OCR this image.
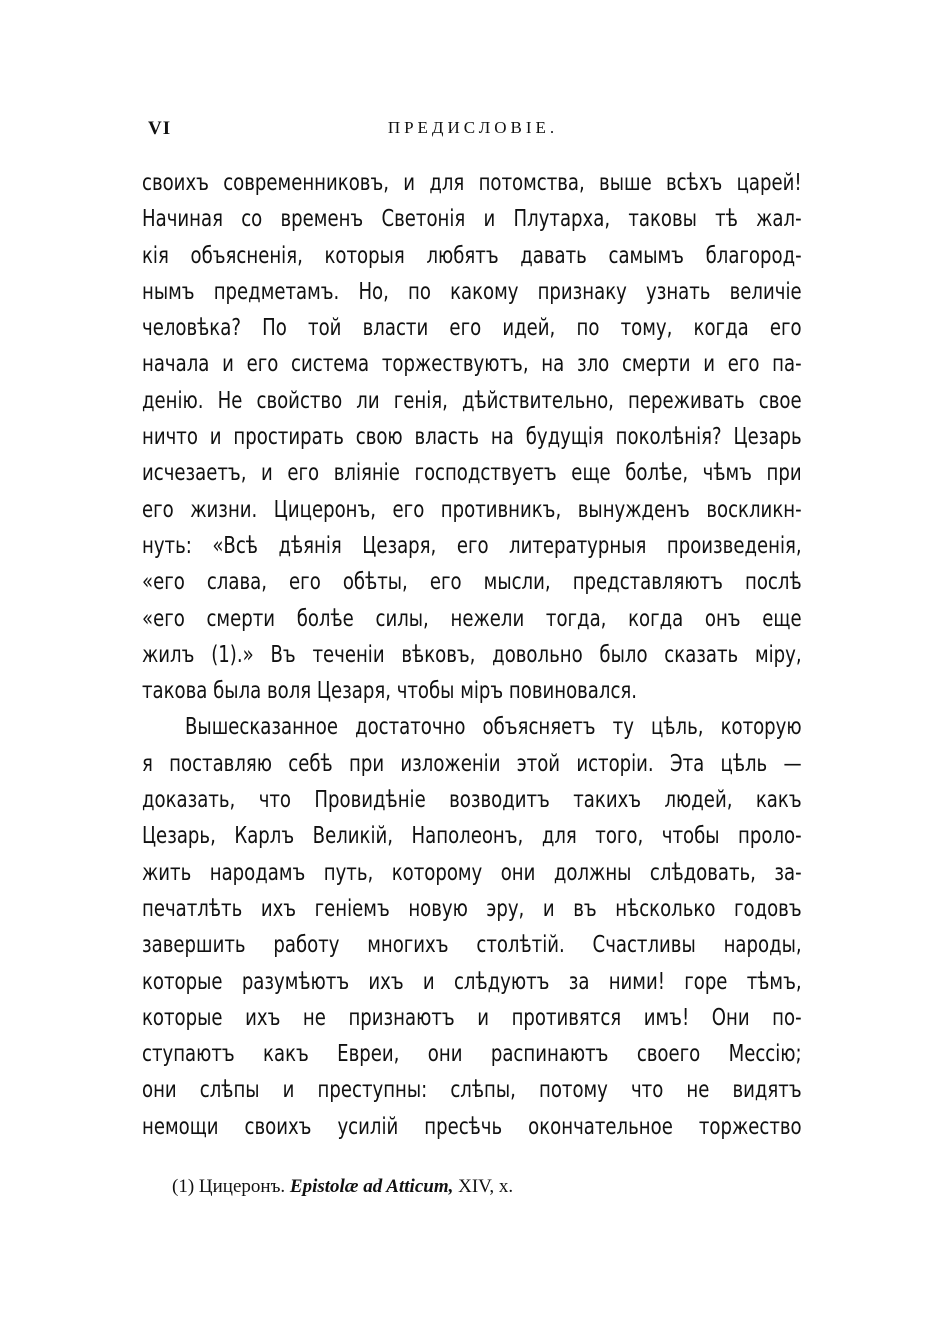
VI	ПРЕДИСЛОВІЕ.
своихъ современниковъ, и для потомства, выше всѣхъ царей!
Начиная со временъ Светонія и Плутарха, таковы тѣ жал-
кія объясненія, которыя любятъ давать самымъ благород-
нымъ предметамъ. Но, по какому признаку узнать величіе
человѣка? По той власти его идей, по тому, когда его
начала и его система торжествуютъ, на зло смерти и его па-
денію. Не свойство ли генія, дѣйствительно, переживать свое
ничто и простирать свою власть на будущія поколѣнія? Цезарь
исчезаетъ, и его вліяніе господствуетъ еще болѣе, чѣмъ при
его жизни. Цицеронъ, его противникъ, вынужденъ воскликн-
нуть: «Всѣ дѣянія Цезаря, его литературныя произведенія,
«его слава, его обѣты, его мысли, представляютъ послѣ
«его смерти болѣе силы, нежели тогда, когда онъ еще
жилъ (1).» Въ теченіи вѣковъ, довольно было сказать міру,
такова была воля Цезаря, чтобы міръ повиновался.
Вышесказанное достаточно объясняетъ ту цѣль, которую
я поставляю себѣ при изложеніи этой исторіи. Эта цѣль —
доказать, что Провидѣніе возводитъ такихъ людей, какъ
Цезарь, Карлъ Великій, Наполеонъ, для того, чтобы проло-
жить народамъ путь, которому они должны слѣдовать, за-
печатлѣть ихъ геніемъ новую эру, и въ нѣсколько годовъ
завершить работу многихъ столѣтій. Счастливы народы,
которые разумѣютъ ихъ и слѣдуютъ за ними! горе тѣмъ,
которые ихъ не признаютъ и противятся имъ! Они по-
ступаютъ какъ Евреи, они распинаютъ своего Мессію;
они слѣпы и преступны: слѣпы, потому что не видятъ
немощи своихъ усилій пресѣчь окончательное торжество
(1) Цицеронъ. Epistolæ ad Atticum, XIV, x.
